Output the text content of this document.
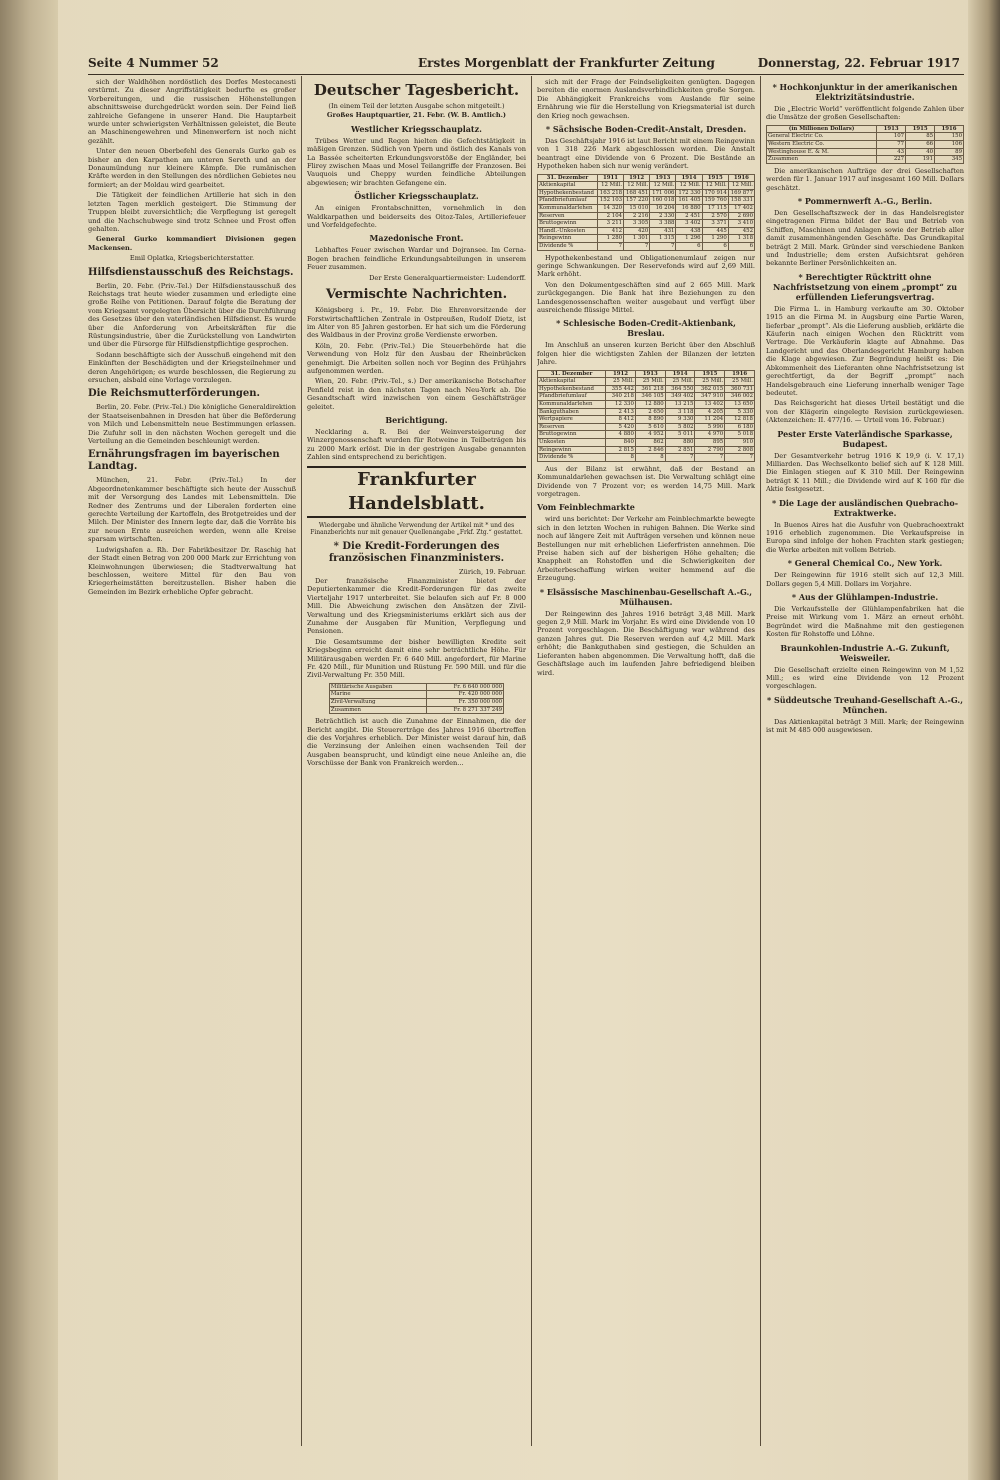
Seite 4 Nummer 52	Erstes Morgenblatt der Frankfurter Zeitung	Donnerstag, 22. Februar 1917

sich der Waldhöhen nordöstlich des Dorfes Mestecanesti erstürmt. Zu dieser Angriffstätigkeit bedurfte es großer Vorbereitungen, und die russischen Höhenstellungen abschnittsweise durchgedrückt worden sein. Der Feind ließ zahlreiche Gefangene in unserer Hand. Die Hauptarbeit wurde unter schwierigsten Verhältnissen geleistet, die Beute an Maschinengewehren und Minenwerfern ist noch nicht gezählt.

Unter den neuen Oberbefehl des Generals Gurko gab es bisher an den Karpathen am unteren Sereth und an der Donaumündung nur kleinere Kämpfe. Die rumänischen Kräfte werden in den Stellungen des nördlichen Gebietes neu formiert; an der Moldau wird gearbeitet.

Die Tätigkeit der feindlichen Artillerie hat sich in den letzten Tagen merklich gesteigert. Die Stimmung der Truppen bleibt zuversichtlich; die Verpflegung ist geregelt und die Nachschubwege sind trotz Schnee und Frost offen gehalten.

General Gurko kommandiert Divisionen gegen Mackensen.

Emil Oplatka, Kriegsberichterstatter.
Hilfsdienstausschuß des Reichstags.

Berlin, 20. Febr. (Priv.-Tel.) Der Hilfsdienstausschuß des Reichstags trat heute wieder zusammen und erledigte eine große Reihe von Petitionen. Darauf folgte die Beratung der vom Kriegsamt vorgelegten Übersicht über die Durchführung des Gesetzes über den vaterländischen Hilfsdienst. Es wurde über die Anforderung von Arbeitskräften für die Rüstungsindustrie, über die Zurückstellung von Landwirten und über die Fürsorge für Hilfsdienstpflichtige gesprochen.

Sodann beschäftigte sich der Ausschuß eingehend mit den Einkünften der Beschädigten und der Kriegsteilnehmer und deren Angehörigen; es wurde beschlossen, die Regierung zu ersuchen, alsbald eine Vorlage vorzulegen.

Die Reichsmutterförderungen.

Berlin, 20. Febr. (Priv.-Tel.) Die königliche Generaldirektion der Staatseisenbahnen in Dresden hat über die Beförderung von Milch und Lebensmitteln neue Bestimmungen erlassen. Die Zufuhr soll in den nächsten Wochen geregelt und die Verteilung an die Gemeinden beschleunigt werden.

Ernährungsfragen im bayerischen Landtag.

München, 21. Febr. (Priv.-Tel.) In der Abgeordnetenkammer beschäftigte sich heute der Ausschuß mit der Versorgung des Landes mit Lebensmitteln. Die Redner des Zentrums und der Liberalen forderten eine gerechte Verteilung der Kartoffeln, des Brotgetreides und der Milch. Der Minister des Innern legte dar, daß die Vorräte bis zur neuen Ernte ausreichen werden, wenn alle Kreise sparsam wirtschaften.

Ludwigshafen a. Rh. Der Fabrikbesitzer Dr. Raschig hat der Stadt einen Betrag von 200 000 Mark zur Errichtung von Kleinwohnungen überwiesen; die Stadtverwaltung hat beschlossen, weitere Mittel für den Bau von Kriegerheimstätten bereitzustellen. Bisher haben die Gemeinden im Bezirk erhebliche Opfer gebracht.

Deutscher Tagesbericht.
(In einem Teil der letzten Ausgabe schon mitgeteilt.)
Großes Hauptquartier, 21. Febr. (W. B. Amtlich.)
Westlicher Kriegsschauplatz.

Trübes Wetter und Regen hielten die Gefechtstätigkeit in mäßigen Grenzen. Südlich von Ypern und östlich des Kanals von La Bassée scheiterten Erkundungsvorstöße der Engländer, bei Flirey zwischen Maas und Mosel Teilangriffe der Franzosen. Bei Vauquois und Cheppy wurden feindliche Abteilungen abgewiesen; wir brachten Gefangene ein.

Östlicher Kriegsschauplatz.

An einigen Frontabschnitten, vornehmlich in den Waldkarpathen und beiderseits des Oitoz-Tales, Artilleriefeuer und Vorfeldgefechte.

Mazedonische Front.

Lebhaftes Feuer zwischen Wardar und Dojransee. Im Cerna-Bogen brachen feindliche Erkundungsabteilungen in unserem Feuer zusammen.

Der Erste Generalquartiermeister: Ludendorff.
Vermischte Nachrichten.

Königsberg i. Pr., 19. Febr. Die Ehrenvorsitzende der Forstwirtschaftlichen Zentrale in Ostpreußen, Rudolf Dietz, ist im Alter von 85 Jahren gestorben. Er hat sich um die Förderung des Waldbaus in der Provinz große Verdienste erworben.

Köln, 20. Febr. (Priv.-Tel.) Die Steuerbehörde hat die Verwendung von Holz für den Ausbau der Rheinbrücken genehmigt. Die Arbeiten sollen noch vor Beginn des Frühjahrs aufgenommen werden.

Wien, 20. Febr. (Priv.-Tel., s.) Der amerikanische Botschafter Penfield reist in den nächsten Tagen nach Neu-York ab. Die Gesandtschaft wird inzwischen von einem Geschäftsträger geleitet.

Berichtigung.

Necklaring a. R. Bei der Weinversteigerung der Winzergenossenschaft wurden für Rotweine in Teilbeträgen bis zu 2000 Mark erlöst. Die in der gestrigen Ausgabe genannten Zahlen sind entsprechend zu berichtigen.

Frankfurter Handelsblatt.
Wiedergabe und ähnliche Verwendung der Artikel mit * und des Finanzberichts nur mit genauer Quellenangabe „Frkf. Ztg.“ gestattet.
* Die Kredit-Forderungen des französischen Finanzministers.
Zürich, 19. Februar.

Der französische Finanzminister bietet der Deputiertenkammer die Kredit-Forderungen für das zweite Vierteljahr 1917 unterbreitet. Sie belaufen sich auf Fr. 8 000 Mill. Die Abweichung zwischen den Ansätzen der Zivil-Verwaltung und des Kriegsministeriums erklärt sich aus der Zunahme der Ausgaben für Munition, Verpflegung und Pensionen.

Die Gesamtsumme der bisher bewilligten Kredite seit Kriegsbeginn erreicht damit eine sehr beträchtliche Höhe. Für Militärausgaben werden Fr. 6 640 Mill. angefordert, für Marine Fr. 420 Mill., für Munition und Rüstung Fr. 590 Mill. und für die Zivil-Verwaltung Fr. 350 Mill.

Militärische Ausgaben	Fr. 6 640 000 000
Marine	Fr. 420 000 000
Zivil-Verwaltung	Fr. 350 000 000
Zusammen	Fr. 8 271 337 249

Beträchtlich ist auch die Zunahme der Einnahmen, die der Bericht angibt. Die Steuererträge des Jahres 1916 übertreffen die des Vorjahres erheblich. Der Minister weist darauf hin, daß die Verzinsung der Anleihen einen wachsenden Teil der Ausgaben beansprucht, und kündigt eine neue Anleihe an, die Vorschüsse der Bank von Frankreich werden...

sich mit der Frage der Feindseligkeiten genügten. Dagegen bereiten die enormen Auslandsverbindlichkeiten große Sorgen. Die Abhängigkeit Frankreichs vom Auslande für seine Ernährung wie für die Herstellung von Kriegsmaterial ist durch den Krieg noch gewachsen.

* Sächsische Boden-Credit-Anstalt, Dresden.

Das Geschäftsjahr 1916 ist laut Bericht mit einem Reingewinn von 1 318 226 Mark abgeschlossen worden. Die Anstalt beantragt eine Dividende von 6 Prozent. Die Bestände an Hypotheken haben sich nur wenig verändert.

31. Dezember	1911	1912	1913	1914	1915	1916
Aktienkapital	12 Mill.	12 Mill.	12 Mill.	12 Mill.	12 Mill.	12 Mill.
Hypothekenbestand	163 218	168 451	171 006	172 330	170 914	169 877
Pfandbriefumlauf	152 103	157 220	160 018	161 405	159 760	158 331
Kommunaldarlehen	14 320	15 010	16 204	16 880	17 115	17 402
Reserven	2 104	2 216	2 330	2 451	2 570	2 690
Bruttogewinn	3 211	3 305	3 388	3 402	3 371	3 410
Handl.-Unkosten	412	420	431	438	445	452
Reingewinn	1 280	1 301	1 315	1 296	1 290	1 318
Dividende %	7	7	7	6	6	6

Hypothekenbestand und Obligationenumlauf zeigen nur geringe Schwankungen. Der Reservefonds wird auf 2,69 Mill. Mark erhöht.

Von den Dokumentgeschäften sind auf 2 665 Mill. Mark zurückgegangen. Die Bank hat ihre Beziehungen zu den Landesgenossenschaften weiter ausgebaut und verfügt über ausreichende flüssige Mittel.

* Schlesische Boden-Credit-Aktienbank, Breslau.

Im Anschluß an unseren kurzen Bericht über den Abschluß folgen hier die wichtigsten Zahlen der Bilanzen der letzten Jahre.

31. Dezember	1912	1913	1914	1915	1916
Aktienkapital	25 Mill.	25 Mill.	25 Mill.	25 Mill.	25 Mill.
Hypothekenbestand	355 442	361 218	364 550	362 015	360 731
Pfandbriefumlauf	340 218	346 105	349 402	347 910	346 002
Kommunaldarlehen	12 330	12 880	13 215	13 402	13 650
Bankguthaben	2 413	2 650	3 118	4 205	5 330
Wertpapiere	8 412	8 890	9 330	11 204	12 818
Reserven	5 420	5 610	5 802	5 990	6 180
Bruttogewinn	4 880	4 952	5 011	4 970	5 018
Unkosten	840	862	880	895	910
Reingewinn	2 815	2 846	2 851	2 790	2 808
Dividende %	8	8	7	7	7

Aus der Bilanz ist erwähnt, daß der Bestand an Kommunaldarlehen gewachsen ist. Die Verwaltung schlägt eine Dividende von 7 Prozent vor; es werden 14,75 Mill. Mark vorgetragen.

Vom Feinblechmarkte

wird uns berichtet: Der Verkehr am Feinblechmarkte bewegte sich in den letzten Wochen in ruhigen Bahnen. Die Werke sind noch auf längere Zeit mit Aufträgen versehen und können neue Bestellungen nur mit erheblichen Lieferfristen annehmen. Die Preise haben sich auf der bisherigen Höhe gehalten; die Knappheit an Rohstoffen und die Schwierigkeiten der Arbeiterbeschaffung wirken weiter hemmend auf die Erzeugung.

* Elsässische Maschinenbau-Gesellschaft A.-G., Mülhausen.

Der Reingewinn des Jahres 1916 beträgt 3,48 Mill. Mark gegen 2,9 Mill. Mark im Vorjahr. Es wird eine Dividende von 10 Prozent vorgeschlagen. Die Beschäftigung war während des ganzen Jahres gut. Die Reserven werden auf 4,2 Mill. Mark erhöht; die Bankguthaben sind gestiegen, die Schulden an Lieferanten haben abgenommen. Die Verwaltung hofft, daß die Geschäftslage auch im laufenden Jahre befriedigend bleiben wird.

* Hochkonjunktur in der amerikanischen Elektrizitätsindustrie.

Die „Electric World“ veröffentlicht folgende Zahlen über die Umsätze der großen Gesellschaften:

(in Millionen Dollars)	1913	1915	1916
General Electric Co.	107	85	150
Western Electric Co.	77	66	106
Westinghouse E. & M.	43	40	89
Zusammen	227	191	345

Die amerikanischen Aufträge der drei Gesellschaften werden für 1. Januar 1917 auf insgesamt 160 Mill. Dollars geschätzt.

* Pommernwerft A.-G., Berlin.

Den Gesellschaftszweck der in das Handelsregister eingetragenen Firma bildet der Bau und Betrieb von Schiffen, Maschinen und Anlagen sowie der Betrieb aller damit zusammenhängenden Geschäfte. Das Grundkapital beträgt 2 Mill. Mark. Gründer sind verschiedene Banken und Industrielle; dem ersten Aufsichtsrat gehören bekannte Berliner Persönlichkeiten an.

* Berechtigter Rücktritt ohne Nachfristsetzung von einem „prompt“ zu erfüllenden Lieferungsvertrag.

Die Firma L. in Hamburg verkaufte am 30. Oktober 1915 an die Firma M. in Augsburg eine Partie Waren, lieferbar „prompt“. Als die Lieferung ausblieb, erklärte die Käuferin nach einigen Wochen den Rücktritt vom Vertrage. Die Verkäuferin klagte auf Abnahme. Das Landgericht und das Oberlandesgericht Hamburg haben die Klage abgewiesen. Zur Begründung heißt es: Die Abkommenheit des Lieferanten ohne Nachfristsetzung ist gerechtfertigt, da der Begriff „prompt“ nach Handelsgebrauch eine Lieferung innerhalb weniger Tage bedeutet.

Das Reichsgericht hat dieses Urteil bestätigt und die von der Klägerin eingelegte Revision zurückgewiesen. (Aktenzeichen: II. 477/16. — Urteil vom 16. Februar.)

Pester Erste Vaterländische Sparkasse, Budapest.

Der Gesamtverkehr betrug 1916 K 19,9 (i. V. 17,1) Milliarden. Das Wechselkonto belief sich auf K 128 Mill. Die Einlagen stiegen auf K 310 Mill. Der Reingewinn beträgt K 11 Mill.; die Dividende wird auf K 160 für die Aktie festgesetzt.

* Die Lage der ausländischen Quebracho-Extraktwerke.

In Buenos Aires hat die Ausfuhr von Quebrachoextrakt 1916 erheblich zugenommen. Die Verkaufspreise in Europa sind infolge der hohen Frachten stark gestiegen; die Werke arbeiten mit vollem Betrieb.

* General Chemical Co., New York.

Der Reingewinn für 1916 stellt sich auf 12,3 Mill. Dollars gegen 5,4 Mill. Dollars im Vorjahre.

* Aus der Glühlampen-Industrie.

Die Verkaufsstelle der Glühlampenfabriken hat die Preise mit Wirkung vom 1. März an erneut erhöht. Begründet wird die Maßnahme mit den gestiegenen Kosten für Rohstoffe und Löhne.

Braunkohlen-Industrie A.-G. Zukunft, Weisweiler.

Die Gesellschaft erzielte einen Reingewinn von M 1,52 Mill.; es wird eine Dividende von 12 Prozent vorgeschlagen.

* Süddeutsche Treuhand-Gesellschaft A.-G., München.

Das Aktienkapital beträgt 3 Mill. Mark; der Reingewinn ist mit M 485 000 ausgewiesen.
